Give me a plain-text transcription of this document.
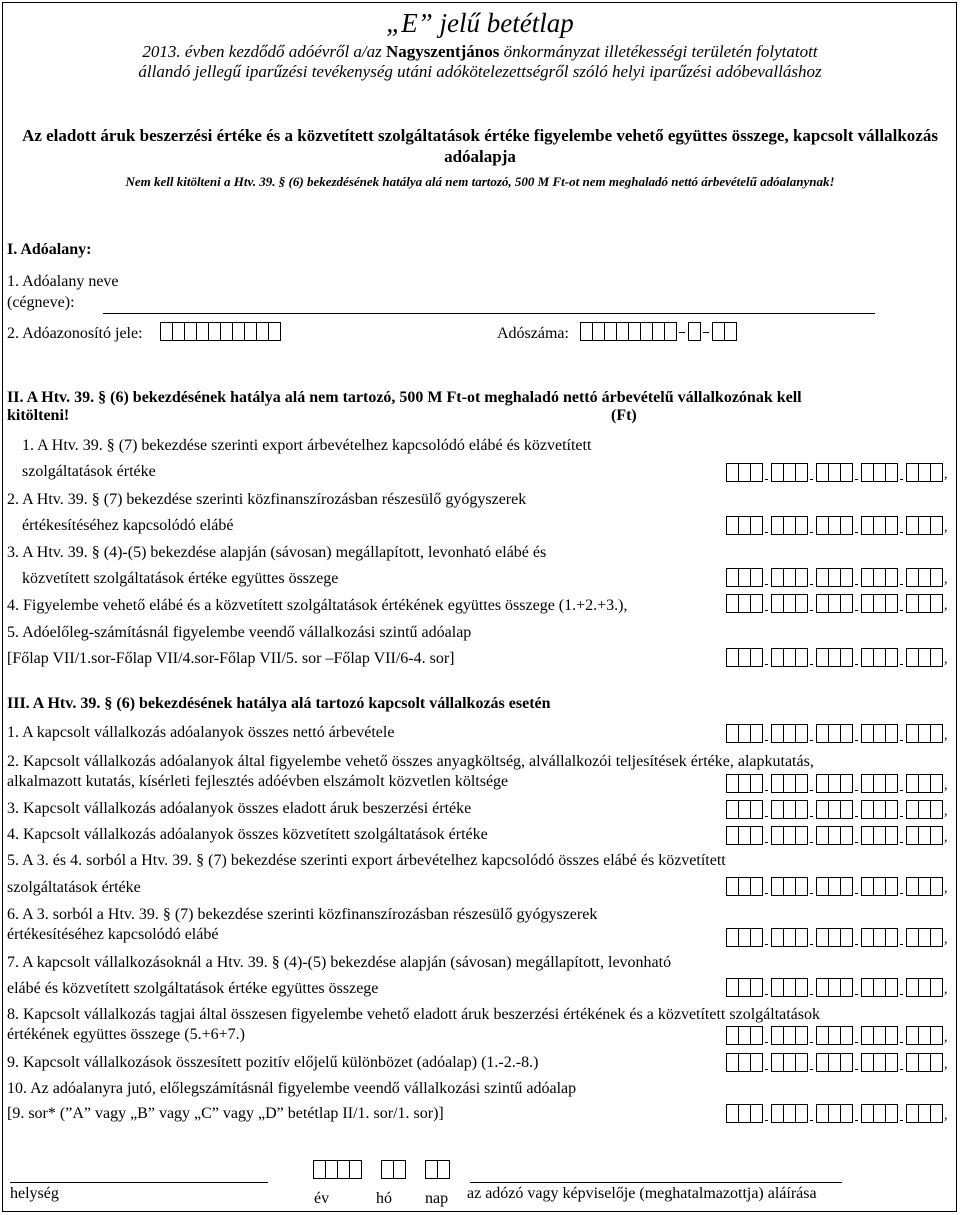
„E” jelű betétlap
2013. évben kezdődő adóévről a/az Nagyszentjános önkormányzat illetékességi területén folytatott állandó jellegű iparűzési tevékenység utáni adókötelezettségről szóló helyi iparűzési adóbevalláshoz
Az eladott áruk beszerzési értéke és a közvetített szolgáltatások értéke figyelembe vehető együttes összege, kapcsolt vállalkozás adóalapja
Nem kell kitölteni a Htv. 39. § (6) bekezdésének hatálya alá nem tartozó, 500 M Ft-ot nem meghaladó nettó árbevételű adóalanynak!
I. Adóalany:
1. Adóalany neve
(cégneve):
2. Adóazonosító jele:	Adószáma:
II. A Htv. 39. § (6) bekezdésének hatálya alá nem tartozó, 500 M Ft-ot meghaladó nettó árbevételű vállalkozónak kell
kitölteni!	(Ft)
1. A Htv. 39. § (7) bekezdése szerinti export árbevételhez kapcsolódó elábé és közvetített
szolgáltatások értéke	,
2. A Htv. 39. § (7) bekezdése szerinti közfinanszírozásban részesülő gyógyszerek
értékesítéséhez kapcsolódó elábé	,
3. A Htv. 39. § (4)-(5) bekezdése alapján (sávosan) megállapított, levonható elábé és
közvetített szolgáltatások értéke együttes összege	,
4. Figyelembe vehető elábé és a közvetített szolgáltatások értékének együttes összege (1.+2.+3.),	,
5. Adóelőleg-számításnál figyelembe veendő vállalkozási szintű adóalap
[Főlap VII/1.sor-Főlap VII/4.sor-Főlap VII/5. sor –Főlap VII/6-4. sor]	,
III. A Htv. 39. § (6) bekezdésének hatálya alá tartozó kapcsolt vállalkozás esetén
1. A kapcsolt vállalkozás adóalanyok összes nettó árbevétele	,
2. Kapcsolt vállalkozás adóalanyok által figyelembe vehető összes anyagköltség, alvállalkozói teljesítések értéke, alapkutatás,
alkalmazott kutatás, kísérleti fejlesztés adóévben elszámolt közvetlen költsége	,
3. Kapcsolt vállalkozás adóalanyok összes eladott áruk beszerzési értéke	,
4. Kapcsolt vállalkozás adóalanyok összes közvetített szolgáltatások értéke	,
5. A 3. és 4. sorból a Htv. 39. § (7) bekezdése szerinti export árbevételhez kapcsolódó összes elábé és közvetített
szolgáltatások értéke	,
6. A 3. sorból a Htv. 39. § (7) bekezdése szerinti közfinanszírozásban részesülő gyógyszerek
értékesítéséhez kapcsolódó elábé	,
7. A kapcsolt vállalkozásoknál a Htv. 39. § (4)-(5) bekezdése alapján (sávosan) megállapított, levonható
elábé és közvetített szolgáltatások értéke együttes összege	,
8. Kapcsolt vállalkozás tagjai által összesen figyelembe vehető eladott áruk beszerzési értékének és a közvetített szolgáltatások
értékének együttes összege (5.+6+7.)	,
9. Kapcsolt vállalkozások összesített pozitív előjelű különbözet (adóalap) (1.-2.-8.)	,
10. Az adóalanyra jutó, előlegszámításnál figyelembe veendő vállalkozási szintű adóalap
[9. sor* (”A” vagy „B” vagy „C” vagy „D” betétlap II/1. sor/1. sor)]	,
helység	év	hó nap az adózó vagy képviselője (meghatalmazottja) aláírása
